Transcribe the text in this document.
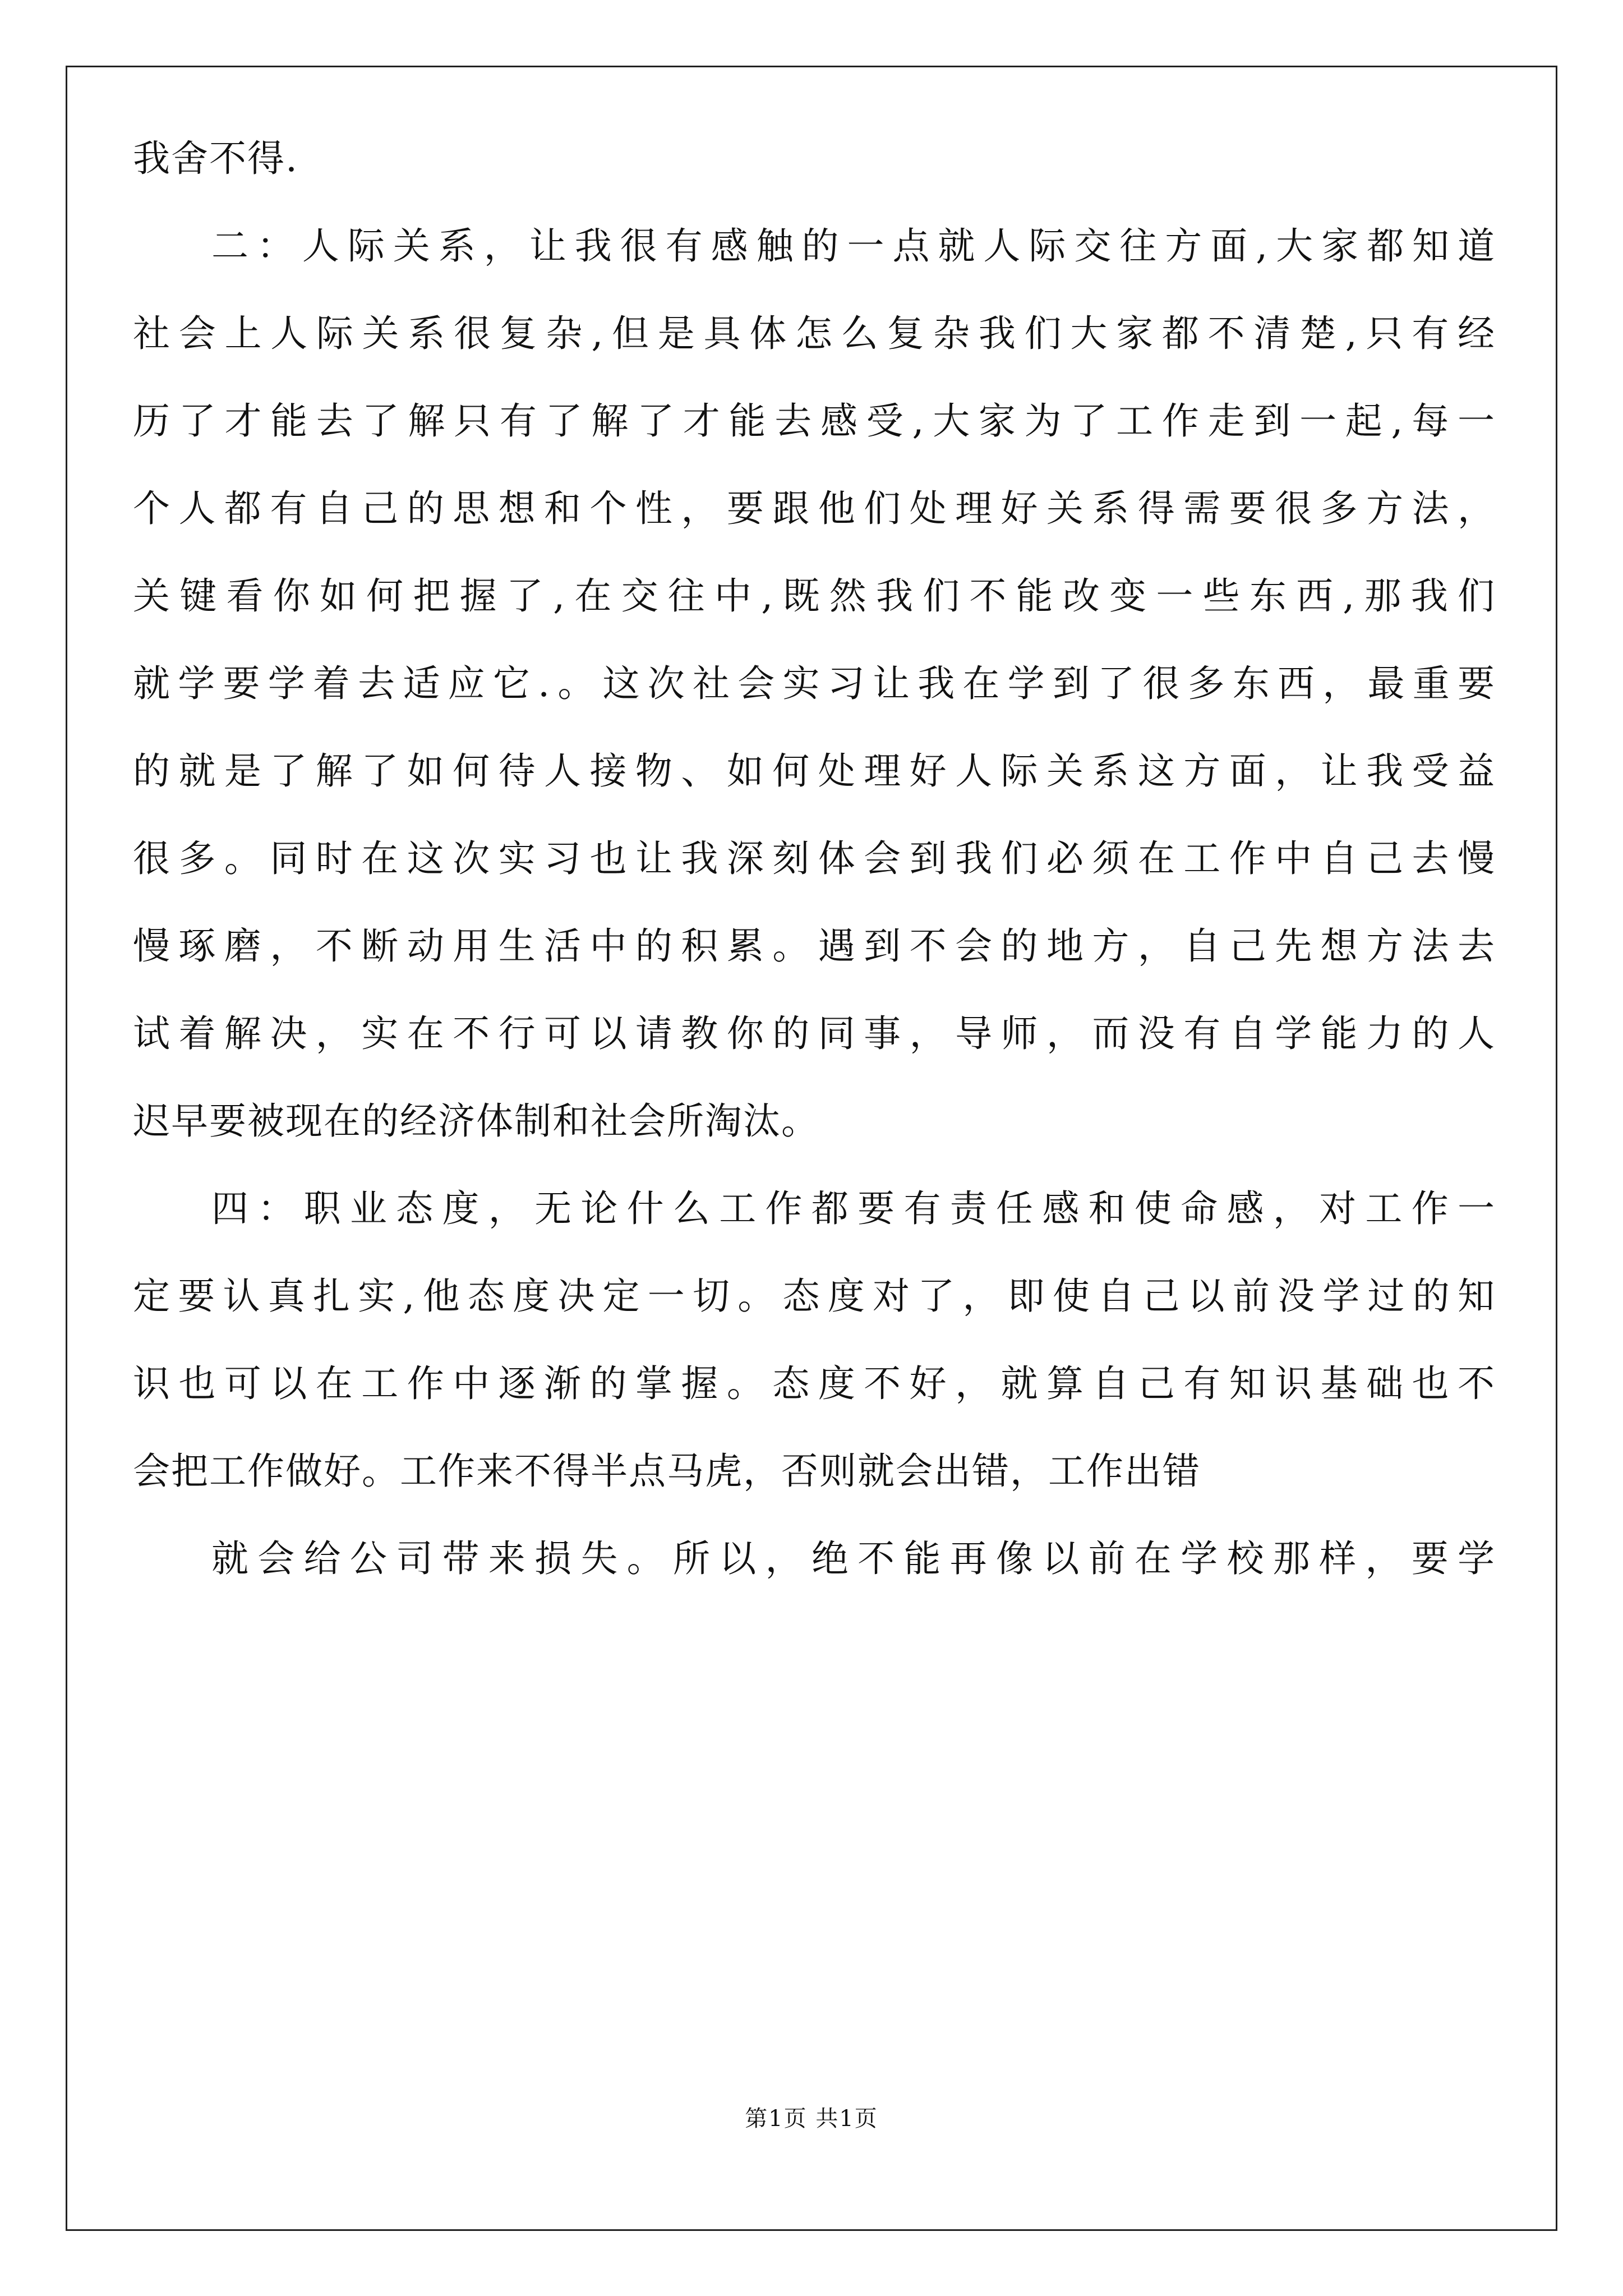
我舍不得.
二：人际关系，让我很有感触的一点就人际交往方面,大家都知道
社会上人际关系很复杂,但是具体怎么复杂我们大家都不清楚,只有经
历了才能去了解只有了解了才能去感受,大家为了工作走到一起,每一
个人都有自己的思想和个性，要跟他们处理好关系得需要很多方法，
关键看你如何把握了,在交往中,既然我们不能改变一些东西,那我们
就学要学着去适应它.。这次社会实习让我在学到了很多东西，最重要
的就是了解了如何待人接物、如何处理好人际关系这方面，让我受益
很多。同时在这次实习也让我深刻体会到我们必须在工作中自己去慢
慢琢磨，不断动用生活中的积累。遇到不会的地方，自己先想方法去
试着解决，实在不行可以请教你的同事，导师，而没有自学能力的人
迟早要被现在的经济体制和社会所淘汰。
四：职业态度，无论什么工作都要有责任感和使命感，对工作一
定要认真扎实,他态度决定一切。态度对了，即使自己以前没学过的知
识也可以在工作中逐渐的掌握。态度不好，就算自己有知识基础也不
会把工作做好。工作来不得半点马虎，否则就会出错，工作出错
就会给公司带来损失。所以，绝不能再像以前在学校那样，要学
第1页 共1页
